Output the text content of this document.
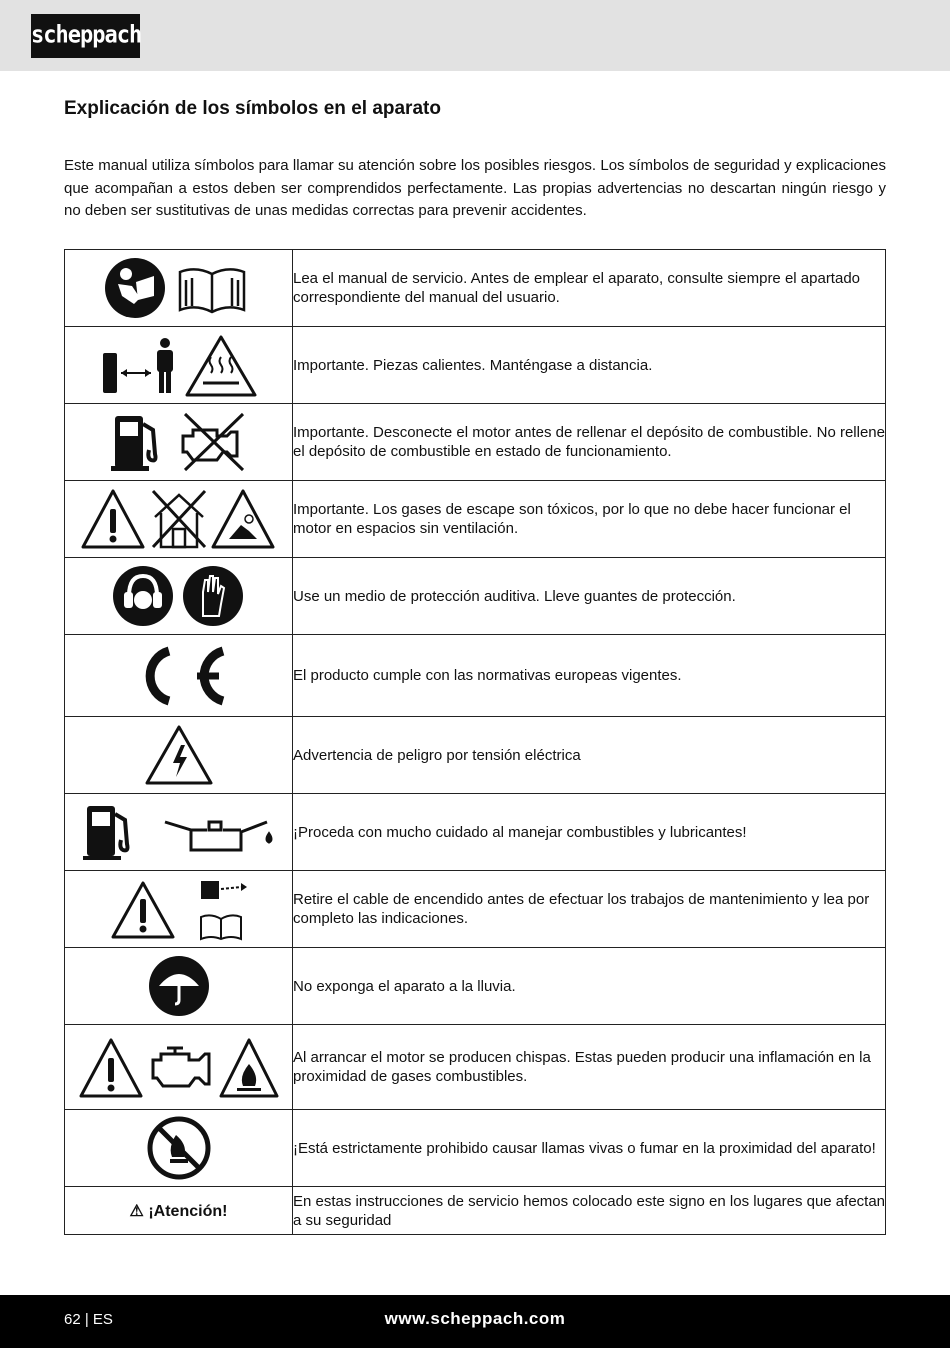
scheppach
Explicación de los símbolos en el aparato

Este manual utiliza símbolos para llamar su atención sobre los posibles riesgos. Los símbolos de seguridad y explicaciones que acompañan a estos deben ser comprendidos perfectamente. Las propias advertencias no descartan ningún riesgo y no deben ser sustitutivas de unas medidas correctas para prevenir accidentes.

	Lea el manual de servicio. Antes de emplear el aparato, consulte siempre el apartado correspondiente del manual del usuario.

	Importante. Piezas calientes. Manténgase a distancia.

	Importante. Desconecte el motor antes de rellenar el depósito de combustible. No rellene el depósito de combustible en estado de funcionamiento.

	Importante. Los gases de escape son tóxicos, por lo que no debe hacer funcionar el motor en espacios sin ventilación.

	Use un medio de protección auditiva. Lleve guantes de protección.

	El producto cumple con las normativas europeas vigentes.

	Advertencia de peligro por tensión eléctrica

	¡Proceda con mucho cuidado al manejar combustibles y lubricantes!

	Retire el cable de encendido antes de efectuar los trabajos de mantenimiento y lea por completo las indicaciones.

	No exponga el aparato a la lluvia.

	Al arrancar el motor se producen chispas. Estas pueden producir una inflamación en la proximidad de gases combustibles.

	¡Está estrictamente prohibido causar llamas vivas o fumar en la proximidad del aparato!
⚠ ¡Atención!	En estas instrucciones de servicio hemos colocado este signo en los lugares que afectan a su seguridad
62 | ES	www.scheppach.com
